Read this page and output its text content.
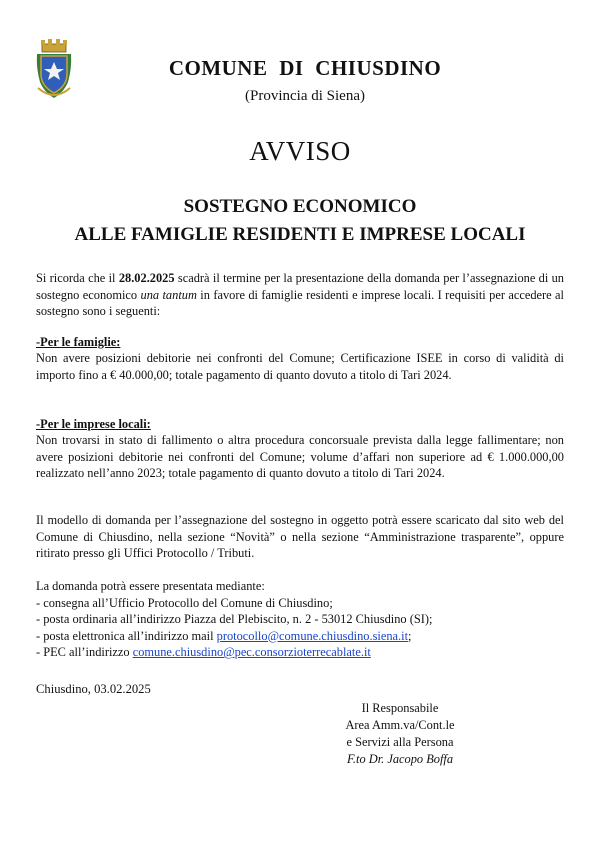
COMUNE DI CHIUSDINO
(Provincia di Siena)
AVVISO
SOSTEGNO ECONOMICO
ALLE FAMIGLIE RESIDENTI E IMPRESE LOCALI
Si ricorda che il 28.02.2025 scadrà il termine per la presentazione della domanda per l’assegnazione di un sostegno economico una tantum in favore di famiglie residenti e imprese locali. I requisiti per accedere al sostegno sono i seguenti:
-Per le famiglie:
Non avere posizioni debitorie nei confronti del Comune; Certificazione ISEE in corso di validità di importo fino a € 40.000,00; totale pagamento di quanto dovuto a titolo di Tari 2024.
-Per le imprese locali:
Non trovarsi in stato di fallimento o altra procedura concorsuale prevista dalla legge fallimentare; non avere posizioni debitorie nei confronti del Comune; volume d’affari non superiore ad € 1.000.000,00 realizzato nell’anno 2023; totale pagamento di quanto dovuto a titolo di Tari 2024.
Il modello di domanda per l’assegnazione del sostegno in oggetto potrà essere scaricato dal sito web del Comune di Chiusdino, nella sezione “Novità” o nella sezione “Amministrazione trasparente”, oppure ritirato presso gli Uffici Protocollo / Tributi.
La domanda potrà essere presentata mediante:
- consegna all’Ufficio Protocollo del Comune di Chiusdino;
- posta ordinaria all’indirizzo Piazza del Plebiscito, n. 2 - 53012 Chiusdino (SI);
- posta elettronica all’indirizzo mail protocollo@comune.chiusdino.siena.it;
- PEC all’indirizzo comune.chiusdino@pec.consorzioterrecablate.it
Chiusdino, 03.02.2025
Il Responsabile
Area Amm.va/Cont.le
e Servizi alla Persona
F.to Dr. Jacopo Boffa
